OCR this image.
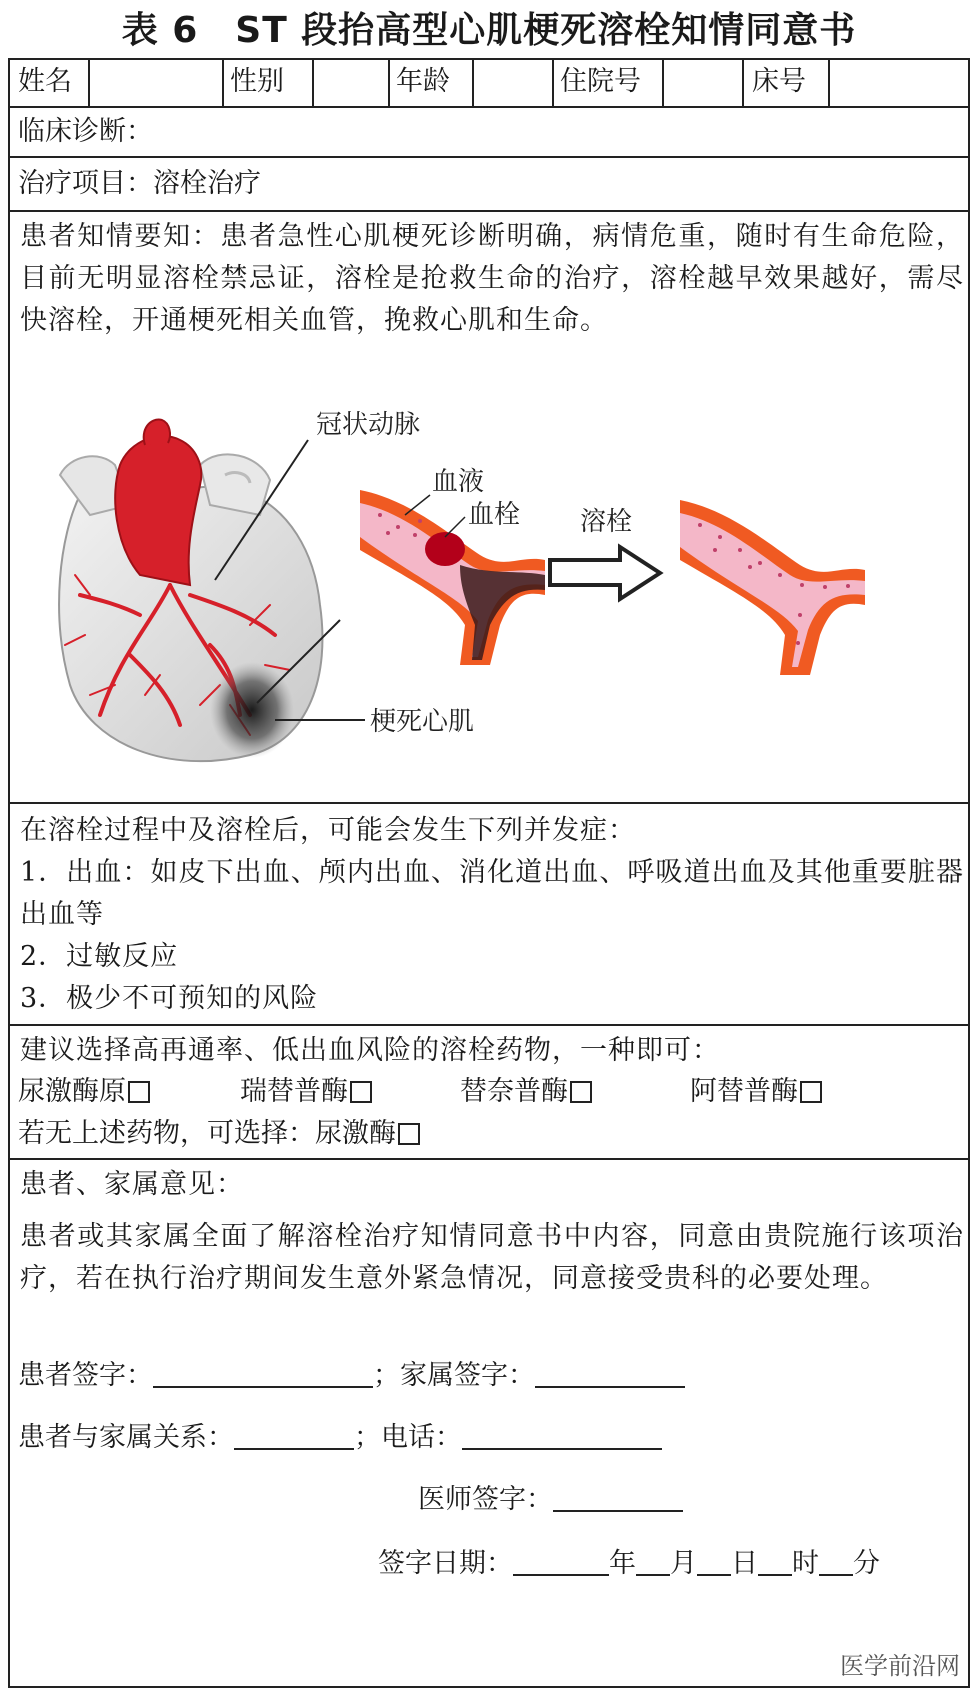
表 6　ST 段抬高型心肌梗死溶栓知情同意书
姓名	性别	年龄	住院号	床号
临床诊断：
治疗项目：溶栓治疗
患者知情要知：患者急性心肌梗死诊断明确，病情危重，随时有生命危险，目前无明显溶栓禁忌证，溶栓是抢救生命的治疗，溶栓越早效果越好，需尽快溶栓，开通梗死相关血管，挽救心肌和生命。
冠状动脉
梗死心肌
血液
血栓 溶栓
在溶栓过程中及溶栓后，可能会发生下列并发症：
1．出血：如皮下出血、颅内出血、消化道出血、呼吸道出血及其他重要脏器出血等
2．过敏反应
3．极少不可预知的风险
建议选择高再通率、低出血风险的溶栓药物，一种即可：
尿激酶原	瑞替普酶	替奈普酶	阿替普酶
若无上述药物，可选择：尿激酶
患者、家属意见：
患者或其家属全面了解溶栓治疗知情同意书中内容，同意由贵院施行该项治疗，若在执行治疗期间发生意外紧急情况，同意接受贵科的必要处理。
患者签字：	；家属签字：
患者与家属关系：	；电话：
医师签字：
签字日期：	年 月 日 时 分
医学前沿网
